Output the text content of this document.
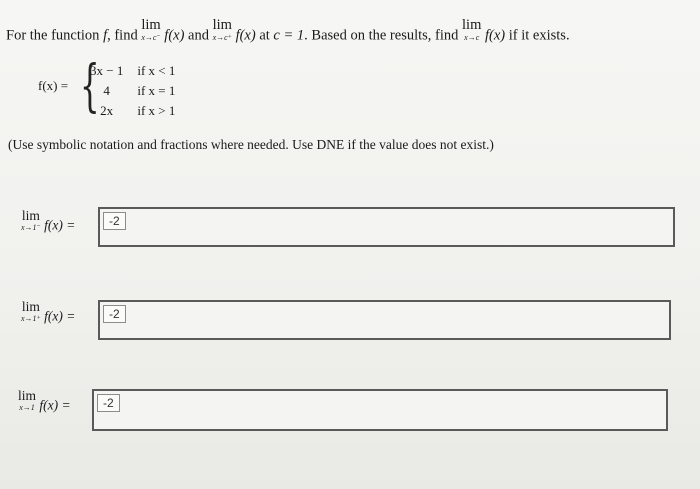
For the function f, find
lim
x→c⁻ f(x) and
lim
x→c⁺ f(x) at c = 1. Based on the results, find
lim
x→c f(x) if it exists.
f(x) = {
3x − 1	if x < 1
4	if x = 1
2x	if x > 1
(Use symbolic notation and fractions where needed. Use DNE if the value does not exist.)
lim
x→1⁻ f(x) =	-2
lim
x→1⁺ f(x) =	-2
lim
x→1 f(x) =	-2
